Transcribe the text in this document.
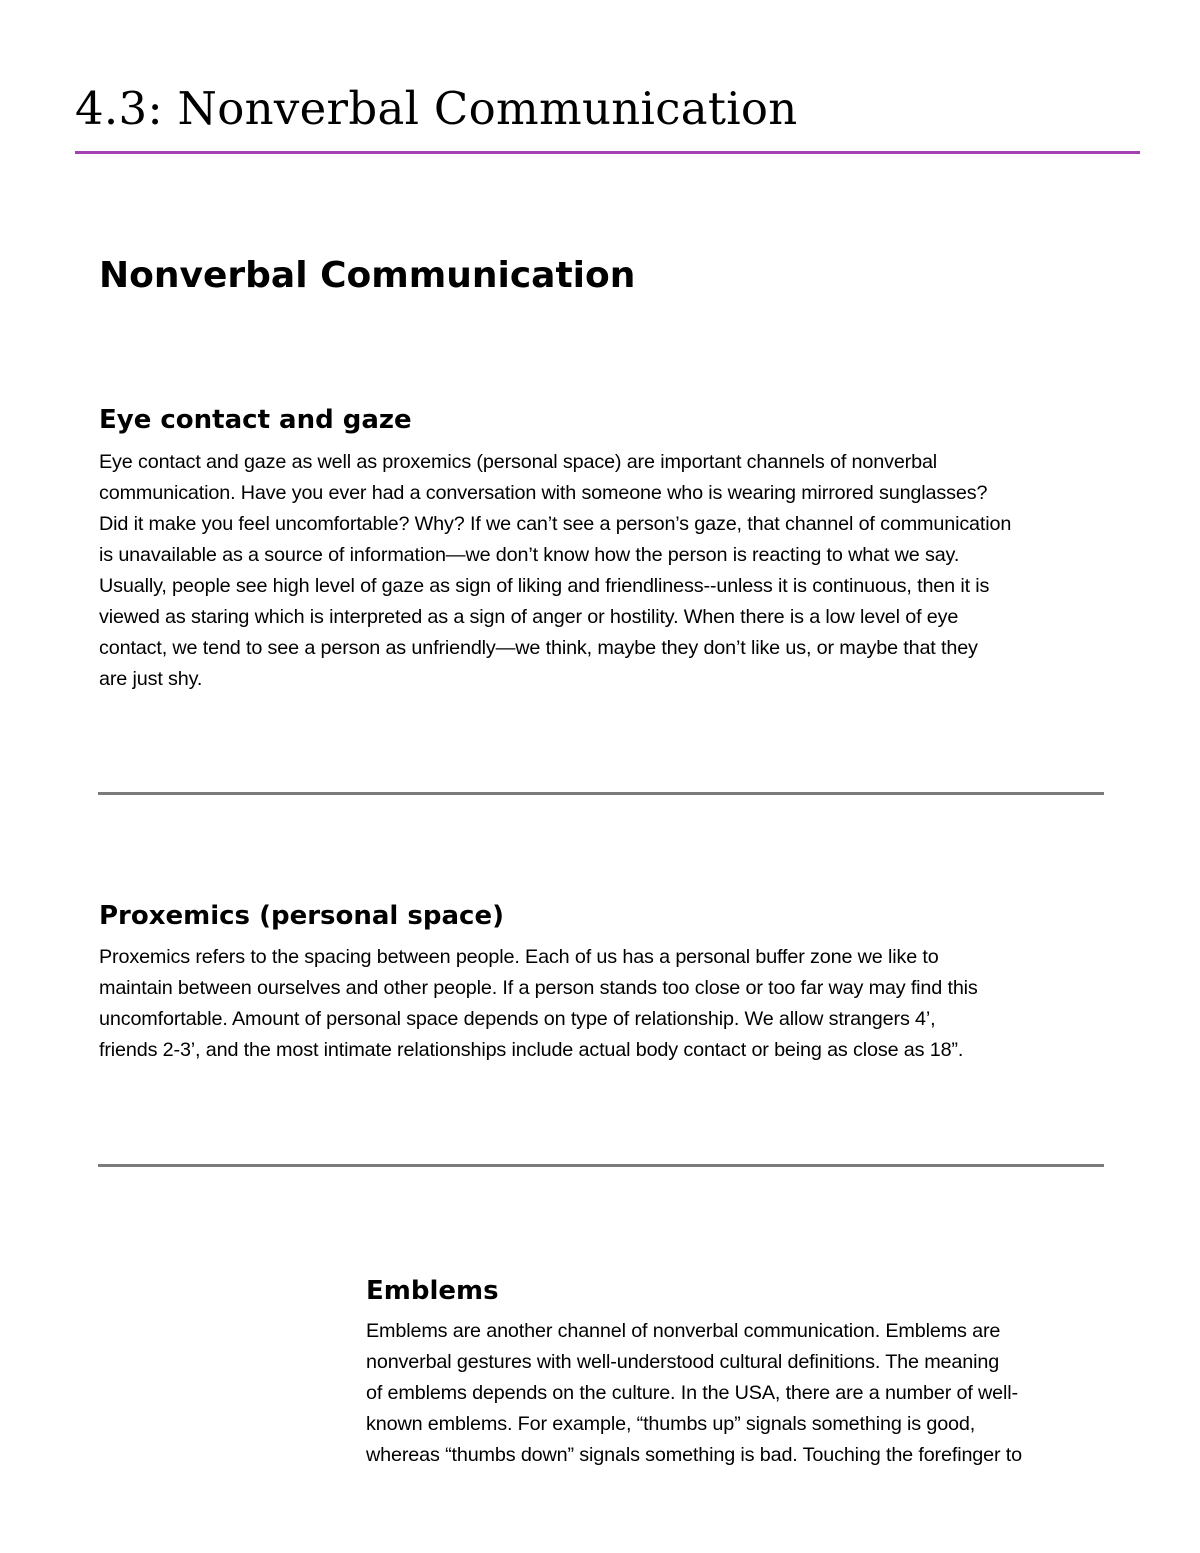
4.3: Nonverbal Communication
Nonverbal Communication
Eye contact and gaze

Eye contact and gaze as well as proxemics (personal space) are important channels of nonverbal
communication. Have you ever had a conversation with someone who is wearing mirrored sunglasses?
Did it make you feel uncomfortable? Why? If we can’t see a person’s gaze, that channel of communication
is unavailable as a source of information—we don’t know how the person is reacting to what we say.
Usually, people see high level of gaze as sign of liking and friendliness--unless it is continuous, then it is
viewed as staring which is interpreted as a sign of anger or hostility. When there is a low level of eye
contact, we tend to see a person as unfriendly—we think, maybe they don’t like us, or maybe that they
are just shy.

Proxemics (personal space)

Proxemics refers to the spacing between people. Each of us has a personal buffer zone we like to
maintain between ourselves and other people. If a person stands too close or too far way may find this
uncomfortable. Amount of personal space depends on type of relationship. We allow strangers 4’,
friends 2-3’, and the most intimate relationships include actual body contact or being as close as 18”.

Emblems

Emblems are another channel of nonverbal communication. Emblems are
nonverbal gestures with well-understood cultural definitions. The meaning
of emblems depends on the culture. In the USA, there are a number of well-
known emblems. For example, “thumbs up” signals something is good,
whereas “thumbs down” signals something is bad. Touching the forefinger to
